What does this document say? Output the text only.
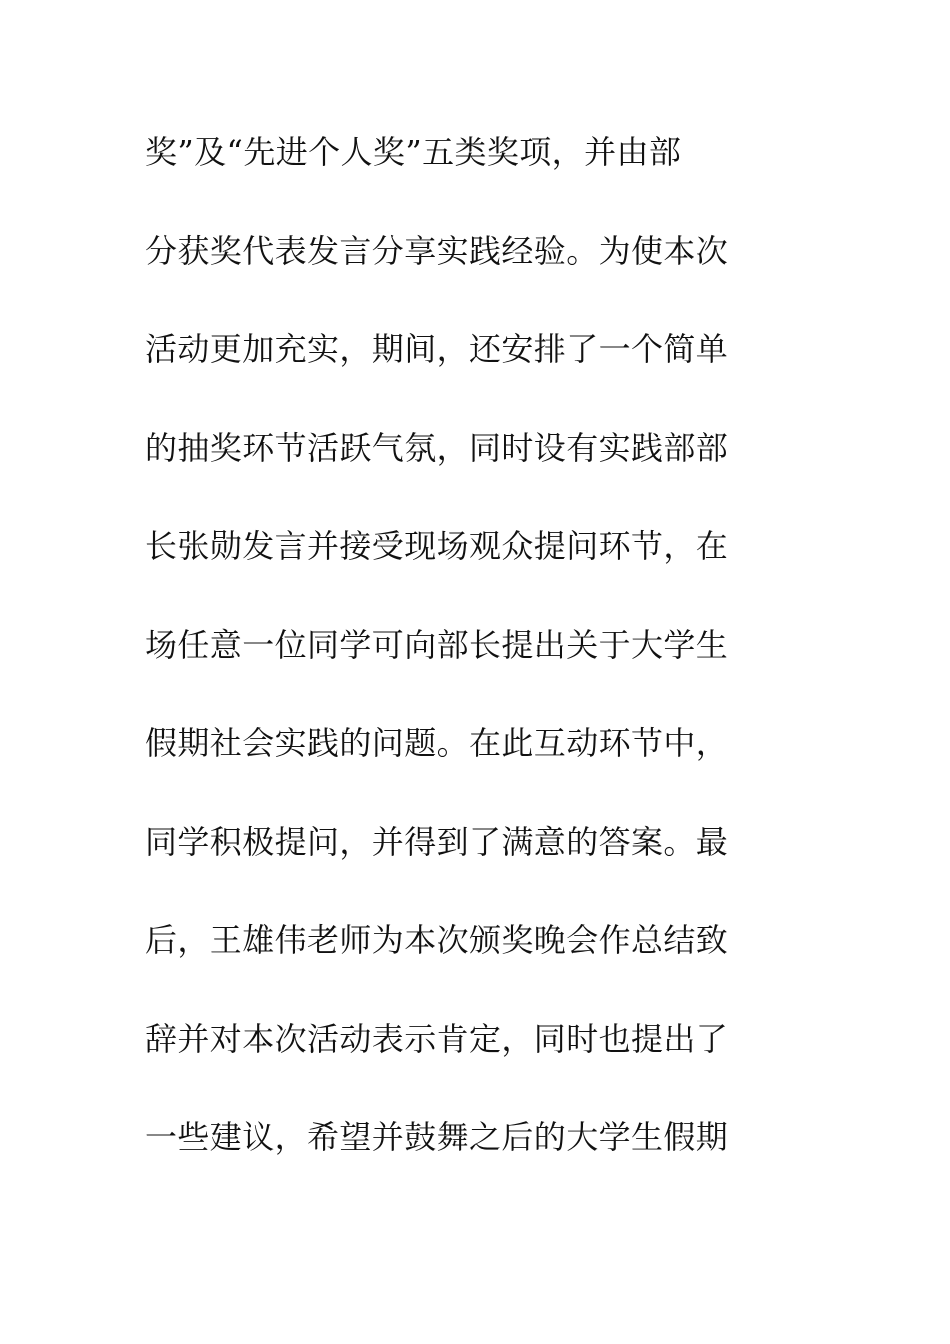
奖”及“先进个人奖”五类奖项，并由部
分获奖代表发言分享实践经验。为使本次
活动更加充实，期间，还安排了一个简单
的抽奖环节活跃气氛，同时设有实践部部
长张勋发言并接受现场观众提问环节，在
场任意一位同学可向部长提出关于大学生
假期社会实践的问题。在此互动环节中，
同学积极提问，并得到了满意的答案。最
后，王雄伟老师为本次颁奖晚会作总结致
辞并对本次活动表示肯定，同时也提出了
一些建议，希望并鼓舞之后的大学生假期
